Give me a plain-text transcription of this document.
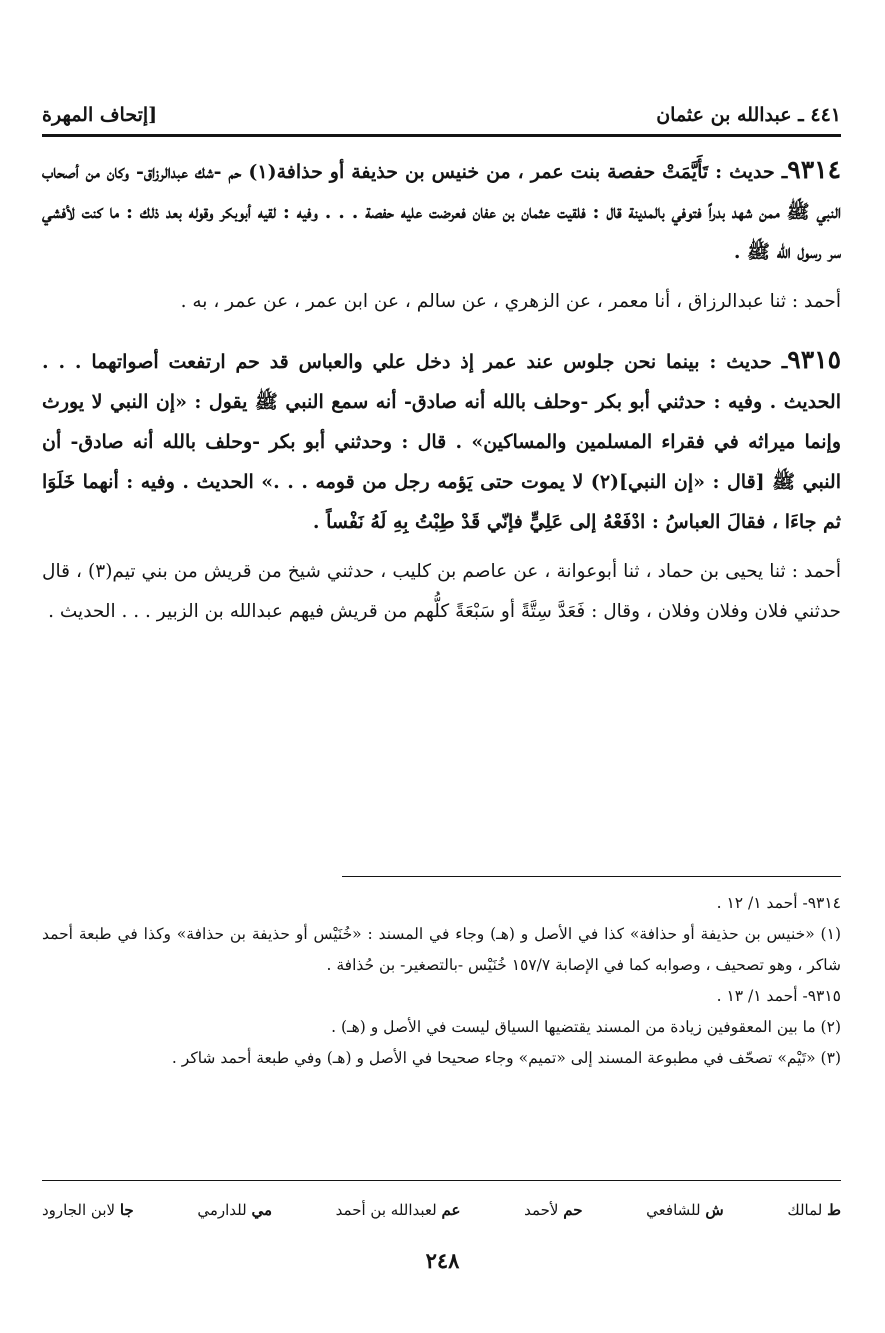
٤٤١ ـ عبدالله بن عثمان
[إتحاف المهرة

٩٣١٤ـ حديث : تَأَيَّمَتْ حفصة بنت عمر ، من خنيس بن حذيفة أو حذافة(١) حم -شك عبدالرزاق- وكان من أصحاب النبي ﷺ ممن شهد بدراً فتوفي بالمدينة قال : فلقيت عثمان بن عفان فعرضت عليه حفصة . . . وفيه : لقيه أبوبكر وقوله بعد ذلك : ما كنت لأفشي سر رسول الله ﷺ .

أحمد : ثنا عبدالرزاق ، أنا معمر ، عن الزهري ، عن سالم ، عن ابن عمر ، عن عمر ، به .

٩٣١٥ـ حديث : بينما نحن جلوس عند عمر إذ دخل علي والعباس قد حم ارتفعت أصواتهما . . . الحديث . وفيه : حدثني أبو بكر -وحلف بالله أنه صادق- أنه سمع النبي ﷺ يقول : «إن النبي لا يورث وإنما ميراثه في فقراء المسلمين والمساكين» . قال : وحدثني أبو بكر -وحلف بالله أنه صادق- أن النبي ﷺ [قال : «إن النبي](٢) لا يموت حتى يَؤمه رجل من قومه . . .» الحديث . وفيه : أنهما خَلَوَا ثم جاءَا ، فقالَ العباسُ : ادْفَعْهُ إلى عَلِيٍّ فإنّي قَدْ طِبْتُ بِهِ لَهُ نَفْساً .

أحمد : ثنا يحيى بن حماد ، ثنا أبوعوانة ، عن عاصم بن كليب ، حدثني شيخ من قريش من بني تيم(٣) ، قال حدثني فلان وفلان وفلان ، وقال : فَعَدَّ سِتَّةً أو سَبْعَةً كلُّهم من قريش فيهم عبدالله بن الزبير . . . الحديث .

٩٣١٤- أحمد ١/ ١٢ .

(١) «خنيس بن حذيفة أو حذافة» كذا في الأصل و (هـ) وجاء في المسند : «خُنَيْس أو حذيفة بن حذافة» وكذا في طبعة أحمد شاكر ، وهو تصحيف ، وصوابه كما في الإصابة ١٥٧/٧ خُنَيْس -بالتصغير- بن حُذافة .

٩٣١٥- أحمد ١/ ١٣ .

(٢) ما بين المعقوفين زيادة من المسند يقتضيها السياق ليست في الأصل و (هـ) .

(٣) «تَيْم» تصحّف في مطبوعة المسند إلى «تميم» وجاء صحيحا في الأصل و (هـ) وفي طبعة أحمد شاكر .

ط لمالك
ش للشافعي
حم لأحمد
عم لعبدالله بن أحمد
مي للدارمي
جا لابن الجارود
٢٤٨
